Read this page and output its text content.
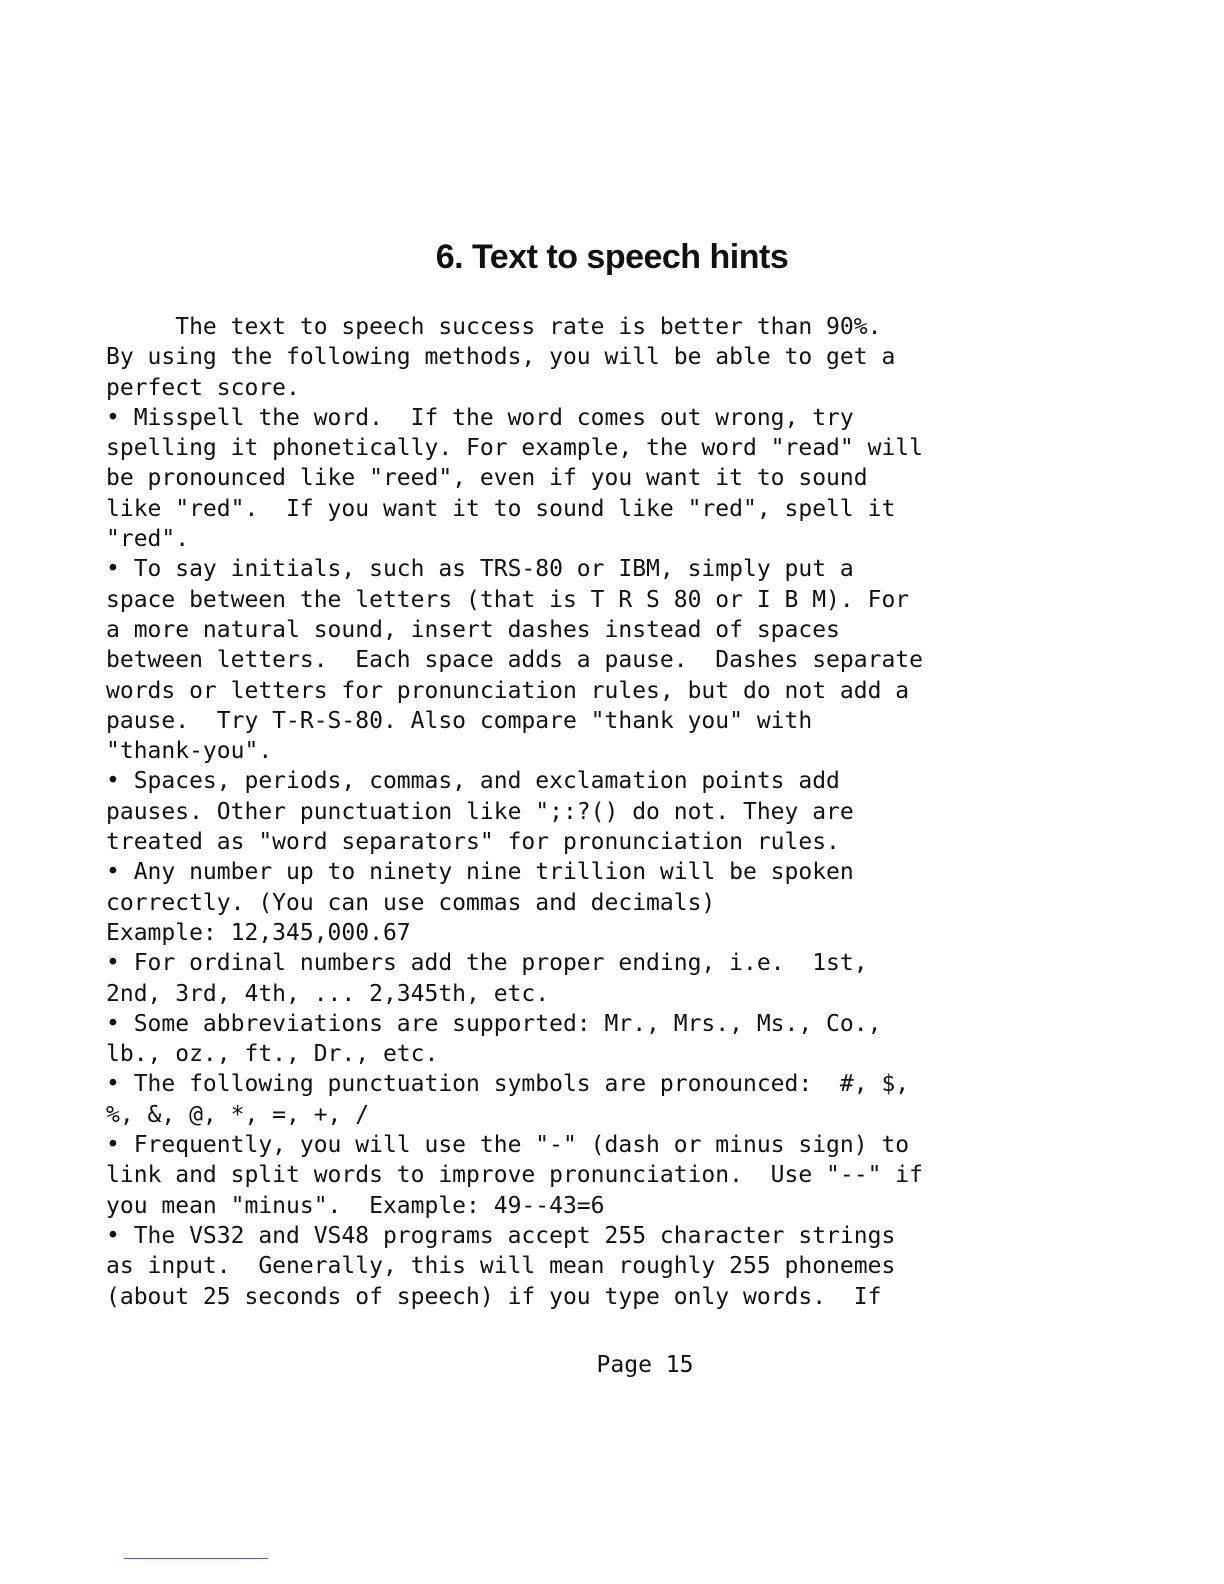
6. Text to speech hints
The text to speech success rate is better than 90%.
By using the following methods, you will be able to get a
perfect score.
• Misspell the word.  If the word comes out wrong, try
spelling it phonetically. For example, the word "read" will
be pronounced like "reed", even if you want it to sound
like "red".  If you want it to sound like "red", spell it
"red".
• To say initials, such as TRS-80 or IBM, simply put a
space between the letters (that is T R S 80 or I B M). For
a more natural sound, insert dashes instead of spaces
between letters.  Each space adds a pause.  Dashes separate
words or letters for pronunciation rules, but do not add a
pause.  Try T-R-S-80. Also compare "thank you" with
"thank-you".
• Spaces, periods, commas, and exclamation points add
pauses. Other punctuation like ";:?() do not. They are
treated as "word separators" for pronunciation rules.
• Any number up to ninety nine trillion will be spoken
correctly. (You can use commas and decimals)
Example: 12,345,000.67
• For ordinal numbers add the proper ending, i.e.  1st,
2nd, 3rd, 4th, ... 2,345th, etc.
• Some abbreviations are supported: Mr., Mrs., Ms., Co.,
lb., oz., ft., Dr., etc.
• The following punctuation symbols are pronounced:  #, $,
%, &, @, *, =, +, /
• Frequently, you will use the "-" (dash or minus sign) to
link and split words to improve pronunciation.  Use "--" if
you mean "minus".  Example: 49--43=6
• The VS32 and VS48 programs accept 255 character strings
as input.  Generally, this will mean roughly 255 phonemes
(about 25 seconds of speech) if you type only words.  If
Page 15
